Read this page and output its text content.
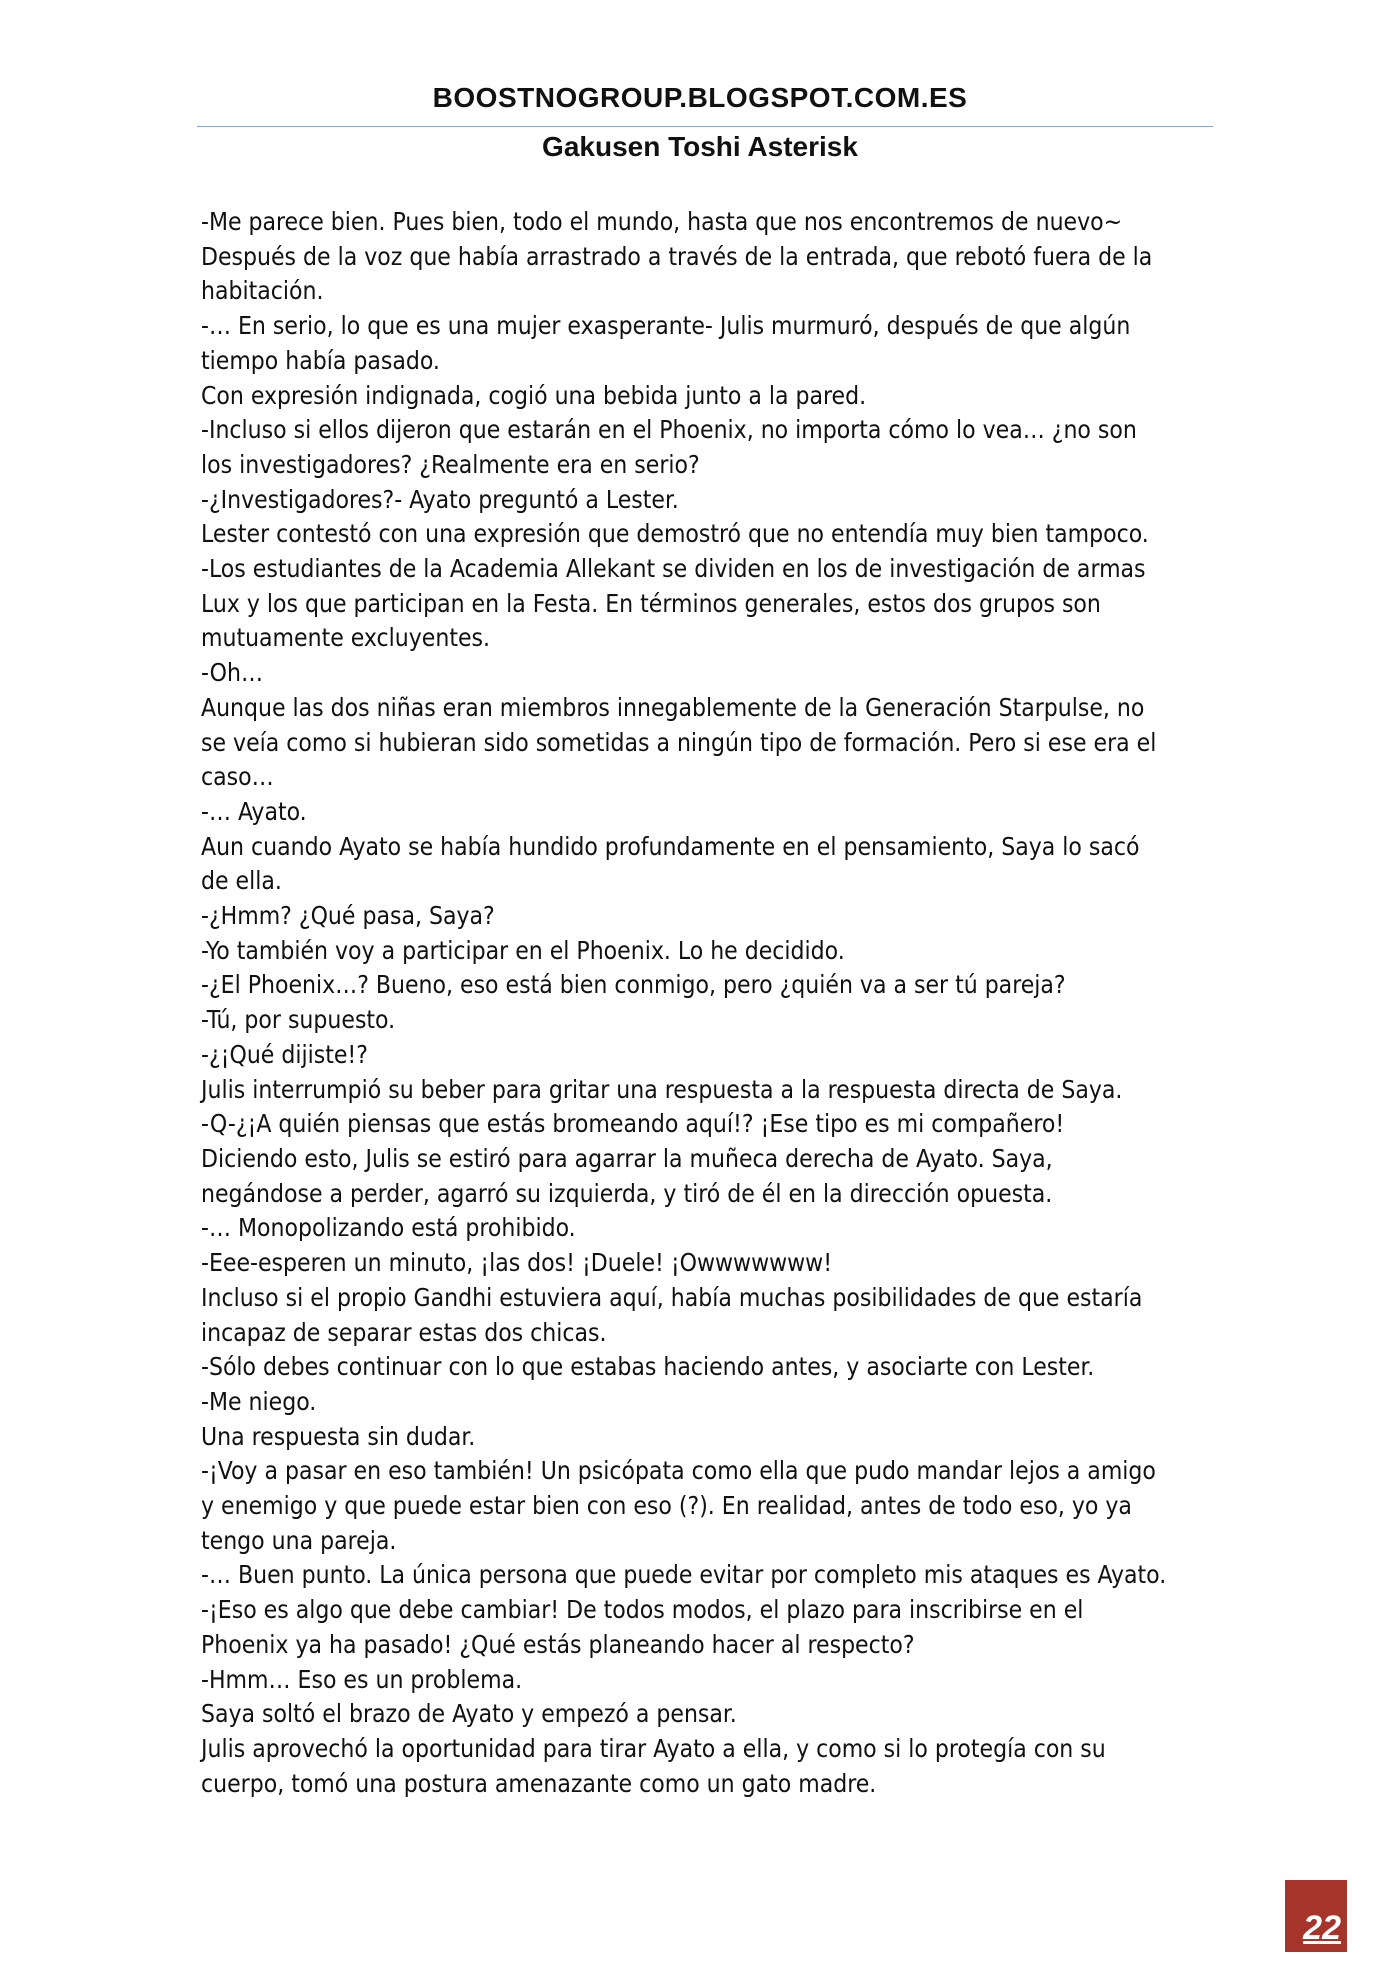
BOOSTNOGROUP.BLOGSPOT.COM.ES
Gakusen Toshi Asterisk
-Me parece bien. Pues bien, todo el mundo, hasta que nos encontremos de nuevo~
Después de la voz que había arrastrado a través de la entrada, que rebotó fuera de la
habitación.
-… En serio, lo que es una mujer exasperante- Julis murmuró, después de que algún
tiempo había pasado.
Con expresión indignada, cogió una bebida junto a la pared.
-Incluso si ellos dijeron que estarán en el Phoenix, no importa cómo lo vea… ¿no son
los investigadores? ¿Realmente era en serio?
-¿Investigadores?- Ayato preguntó a Lester.
Lester contestó con una expresión que demostró que no entendía muy bien tampoco.
-Los estudiantes de la Academia Allekant se dividen en los de investigación de armas
Lux y los que participan en la Festa. En términos generales, estos dos grupos son
mutuamente excluyentes.
-Oh…
Aunque las dos niñas eran miembros innegablemente de la Generación Starpulse, no
se veía como si hubieran sido sometidas a ningún tipo de formación. Pero si ese era el
caso…
-… Ayato.
Aun cuando Ayato se había hundido profundamente en el pensamiento, Saya lo sacó
de ella.
-¿Hmm? ¿Qué pasa, Saya?
-Yo también voy a participar en el Phoenix. Lo he decidido.
-¿El Phoenix…? Bueno, eso está bien conmigo, pero ¿quién va a ser tú pareja?
-Tú, por supuesto.
-¿¡Qué dijiste!?
Julis interrumpió su beber para gritar una respuesta a la respuesta directa de Saya.
-Q-¿¡A quién piensas que estás bromeando aquí!? ¡Ese tipo es mi compañero!
Diciendo esto, Julis se estiró para agarrar la muñeca derecha de Ayato. Saya,
negándose a perder, agarró su izquierda, y tiró de él en la dirección opuesta.
-… Monopolizando está prohibido.
-Eee-esperen un minuto, ¡las dos! ¡Duele! ¡Owwwwwww!
Incluso si el propio Gandhi estuviera aquí, había muchas posibilidades de que estaría
incapaz de separar estas dos chicas.
-Sólo debes continuar con lo que estabas haciendo antes, y asociarte con Lester.
-Me niego.
Una respuesta sin dudar.
-¡Voy a pasar en eso también! Un psicópata como ella que pudo mandar lejos a amigo
y enemigo y que puede estar bien con eso (?). En realidad, antes de todo eso, yo ya
tengo una pareja.
-… Buen punto. La única persona que puede evitar por completo mis ataques es Ayato.
-¡Eso es algo que debe cambiar! De todos modos, el plazo para inscribirse en el
Phoenix ya ha pasado! ¿Qué estás planeando hacer al respecto?
-Hmm… Eso es un problema.
Saya soltó el brazo de Ayato y empezó a pensar.
Julis aprovechó la oportunidad para tirar Ayato a ella, y como si lo protegía con su
cuerpo, tomó una postura amenazante como un gato madre.
22
